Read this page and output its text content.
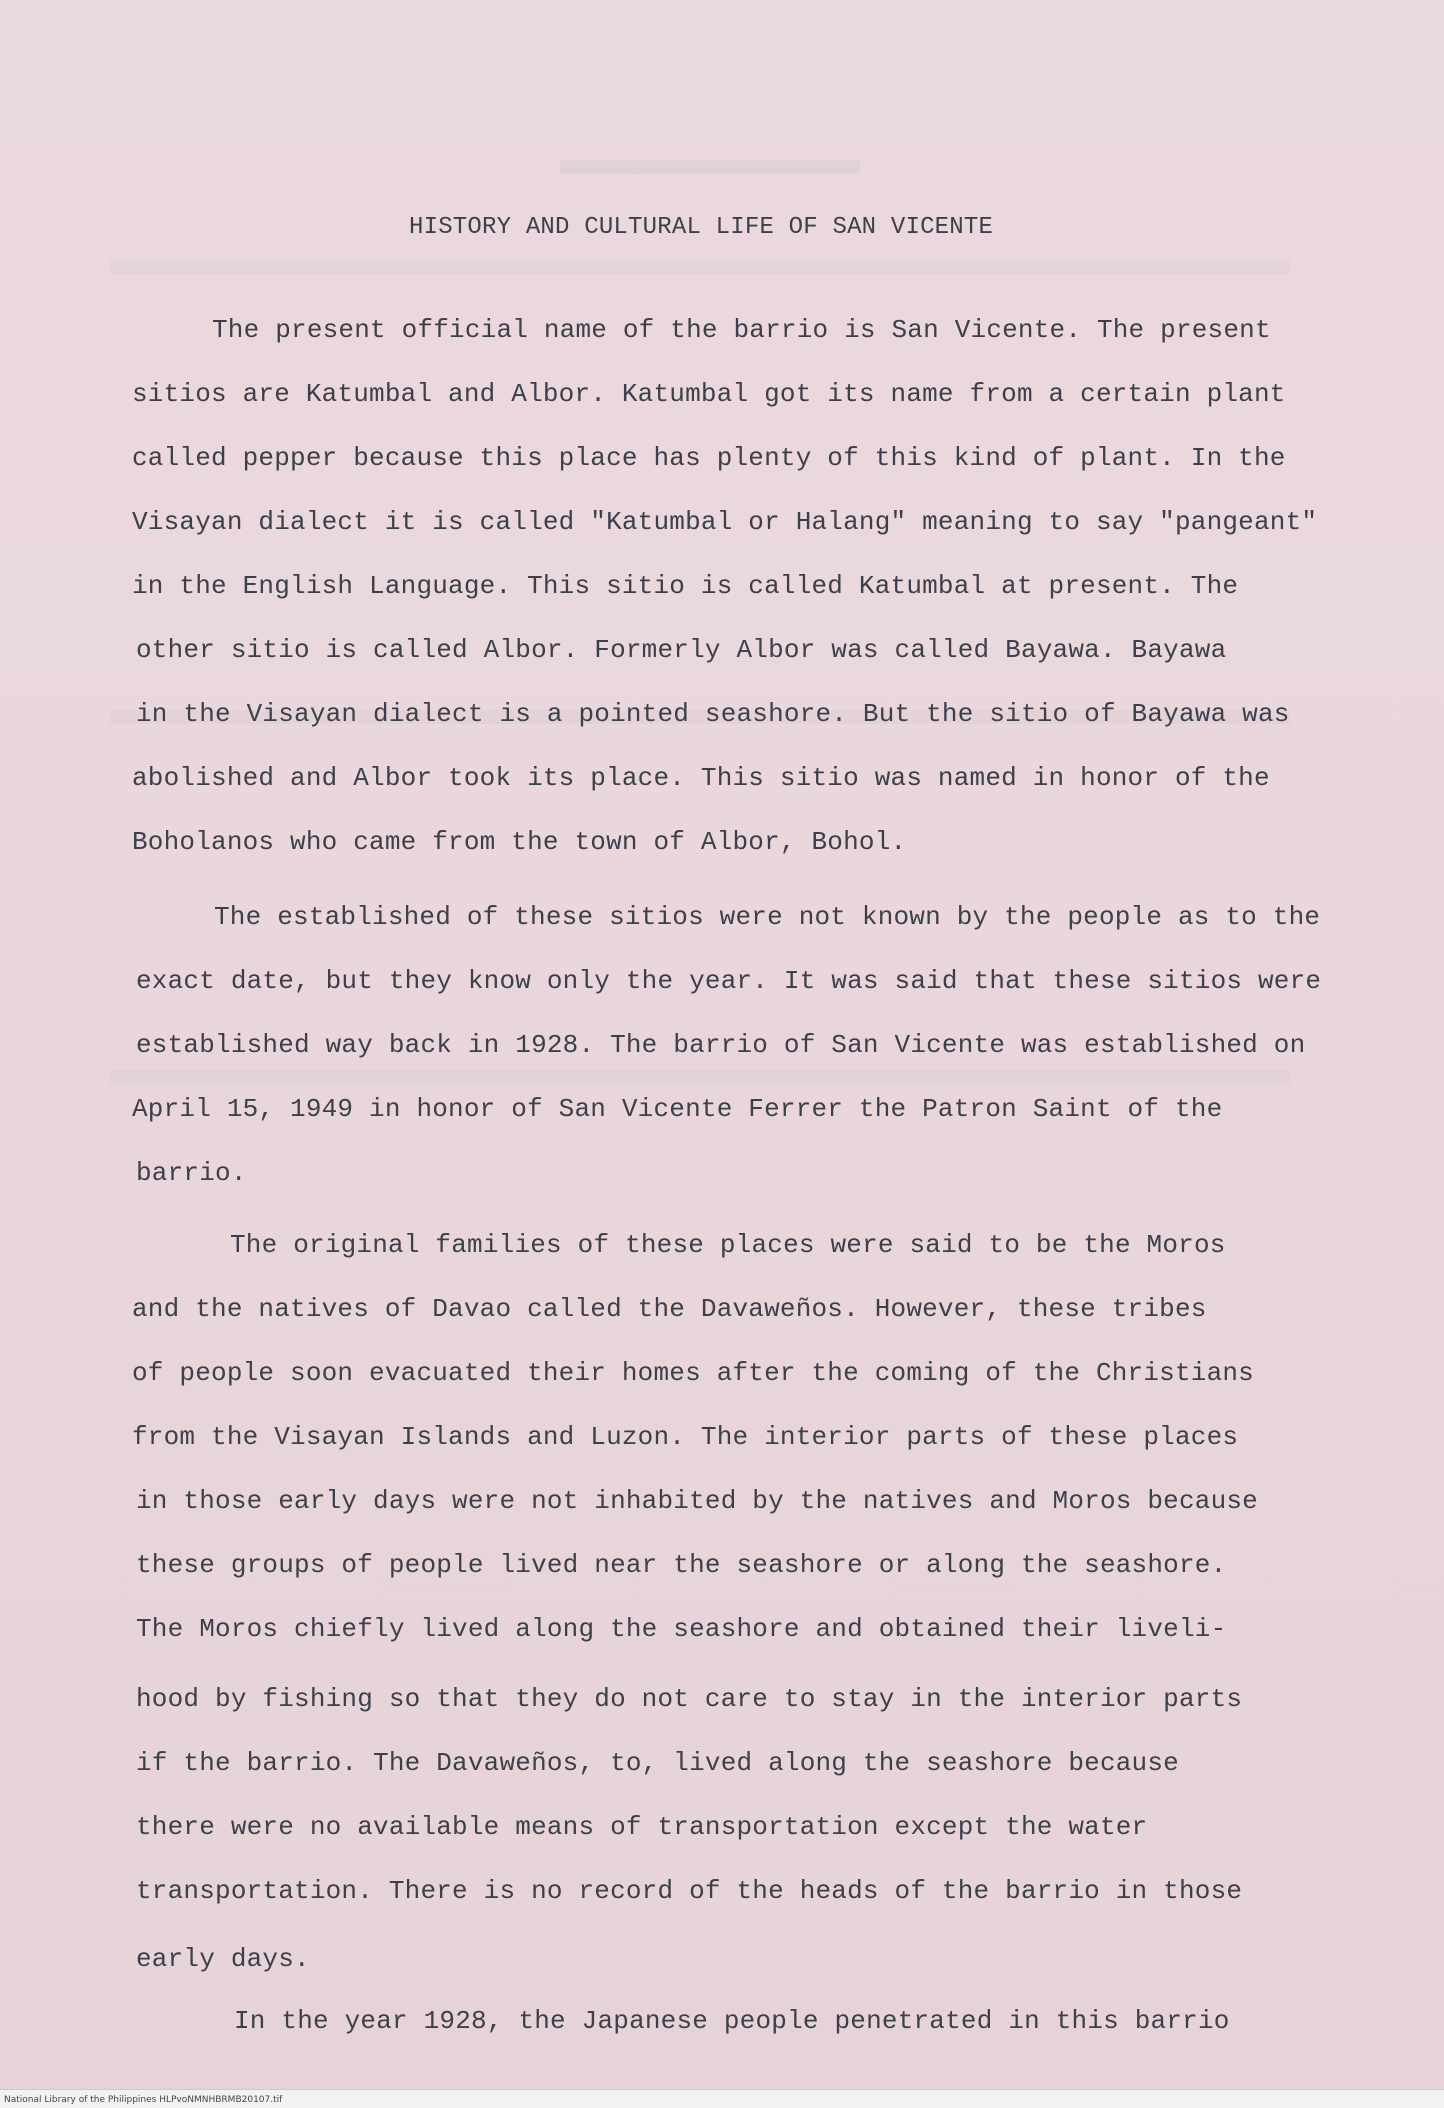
HISTORY AND CULTURAL LIFE OF SAN VICENTE
The present official name of the barrio is San Vicente. The present
sitios are Katumbal and Albor. Katumbal got its name from a certain plant
called pepper because this place has plenty of this kind of plant. In the
Visayan dialect it is called "Katumbal or Halang" meaning to say "pangeant"
in the English Language. This sitio is called Katumbal at present. The
other sitio is called Albor. Formerly Albor was called Bayawa. Bayawa
in the Visayan dialect is a pointed seashore. But the sitio of Bayawa was
abolished and Albor took its place. This sitio was named in honor of the
Boholanos who came from the town of Albor, Bohol.
The established of these sitios were not known by the people as to the
exact date, but they know only the year. It was said that these sitios were
established way back in 1928. The barrio of San Vicente was established on
April 15, 1949 in honor of San Vicente Ferrer the Patron Saint of the
barrio.
The original families of these places were said to be the Moros
and the natives of Davao called the Davaweños. However, these tribes
of people soon evacuated their homes after the coming of the Christians
from the Visayan Islands and Luzon. The interior parts of these places
in those early days were not inhabited by the natives and Moros because
these groups of people lived near the seashore or along the seashore.
The Moros chiefly lived along the seashore and obtained their liveli-
hood by fishing so that they do not care to stay in the interior parts
if the barrio. The Davaweños, to, lived along the seashore because
there were no available means of transportation except the water
transportation. There is no record of the heads of the barrio in those
early days.
In the year 1928, the Japanese people penetrated in this barrio
National Library of the Philippines HLPvoNMNHBRMB20107.tif
